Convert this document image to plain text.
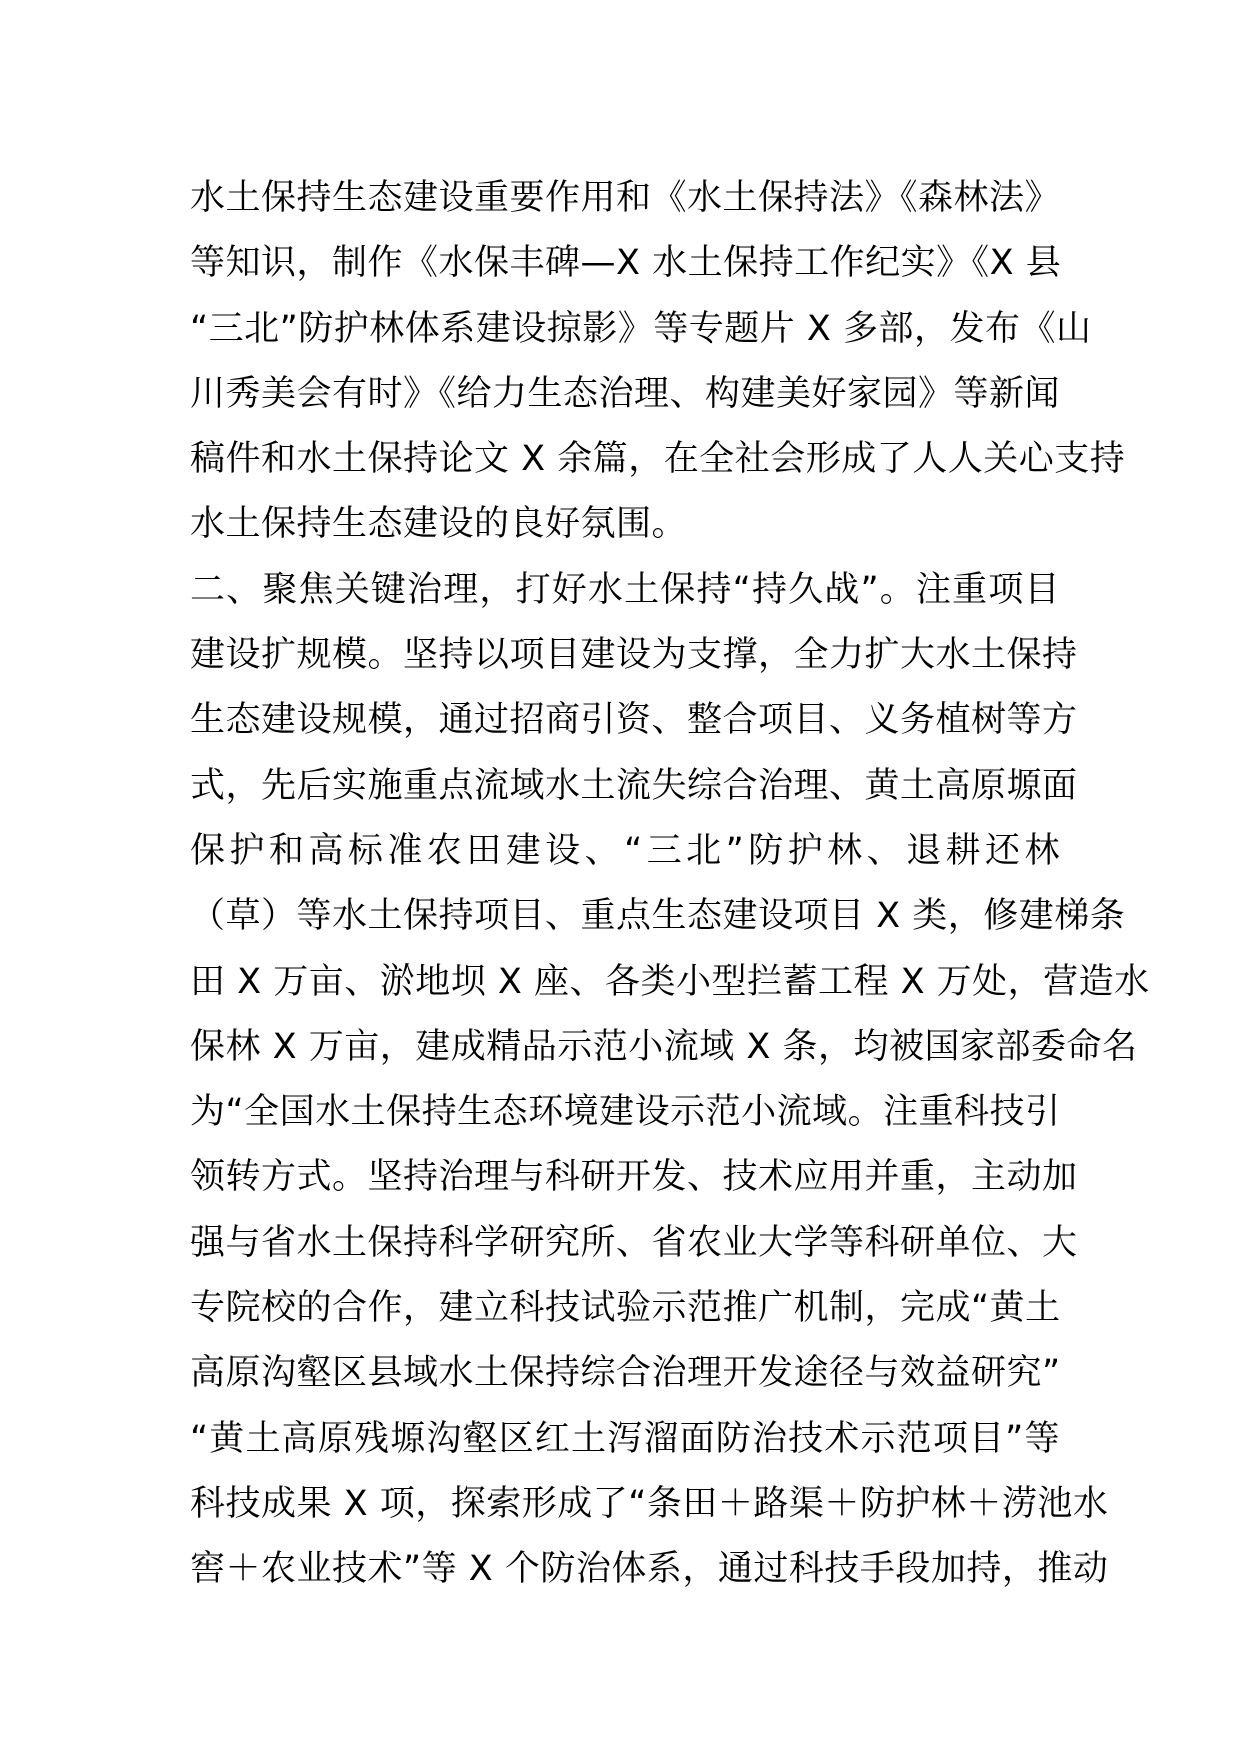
水土保持生态建设重要作用和《水土保持法》《森林法》
等知识，制作《水保丰碑—X 水土保持工作纪实》《X 县
“三北”防护林体系建设掠影》等专题片 X 多部，发布《山
川秀美会有时》《给力生态治理、构建美好家园》等新闻
稿件和水土保持论文 X 余篇，在全社会形成了人人关心支持
水土保持生态建设的良好氛围。
二、聚焦关键治理，打好水土保持“持久战”。注重项目
建设扩规模。坚持以项目建设为支撑，全力扩大水土保持
生态建设规模，通过招商引资、整合项目、义务植树等方
式，先后实施重点流域水土流失综合治理、黄土高原塬面
保护和高标准农田建设、“三北”防护林、退耕还林
（草）等水土保持项目、重点生态建设项目 X 类，修建梯条
田 X 万亩、淤地坝 X 座、各类小型拦蓄工程 X 万处，营造水
保林 X 万亩，建成精品示范小流域 X 条，均被国家部委命名
为“全国水土保持生态环境建设示范小流域。注重科技引
领转方式。坚持治理与科研开发、技术应用并重，主动加
强与省水土保持科学研究所、省农业大学等科研单位、大
专院校的合作，建立科技试验示范推广机制，完成“黄土
高原沟壑区县域水土保持综合治理开发途径与效益研究”
“黄土高原残塬沟壑区红土泻溜面防治技术示范项目”等
科技成果 X 项，探索形成了“条田＋路渠＋防护林＋涝池水
窖＋农业技术”等 X 个防治体系，通过科技手段加持，推动
